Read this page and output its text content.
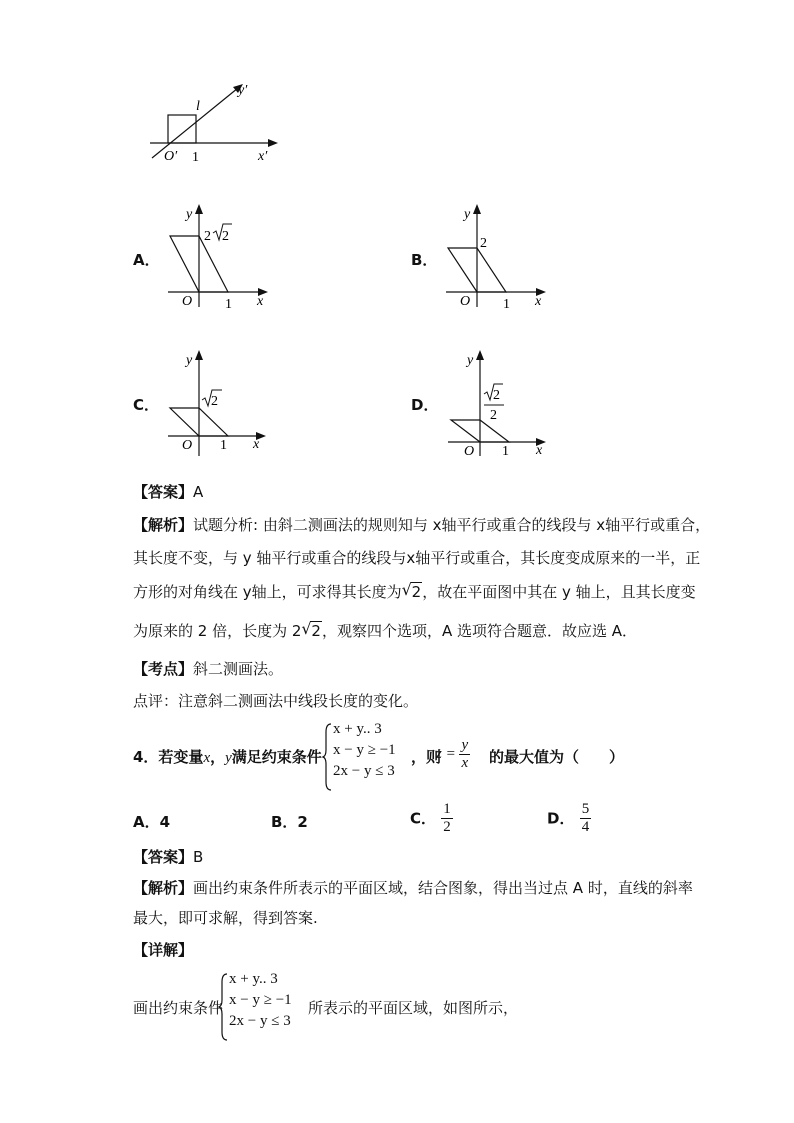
y′
x′
O′ 1
l
A．
y
x
O 1
2 2
B．
y
x
O 1
2
C．
y
x
O 1
2	D．
y
x
O 1
2
2
【答案】A
【解析】试题分析: 由斜二测画法的规则知与 x轴平行或重合的线段与 x轴平行或重合，
其长度不变，与 y 轴平行或重合的线段与x轴平行或重合，其长度变成原来的一半，正
方形的对角线在 y轴上，可求得其长度为 √ 2，故在平面图中其在 y 轴上，且其长度变
为原来的 2 倍，长度为 2 √ 2，观察四个选项，A 选项符合题意．故应选 A．
【考点】斜二测画法。
点评：注意斜二测画法中线段长度的变化。
4．若变量x，y满足约束条件
x + y.. 3
x − y ≥ −1
2x − y ≤ 3
，则
$z = \frac{y}{x}$ 的最大值为（　　）
A．4	B．2	C． $\frac{1}{2}$	D． $\frac{5}{4}$
【答案】B
【解析】画出约束条件所表示的平面区域，结合图象，得出当过点 A 时，直线的斜率
最大，即可求解，得到答案.
【详解】
画出约束条件
x + y.. 3
x − y ≥ −1
2x − y ≤ 3
所表示的平面区域，如图所示，
